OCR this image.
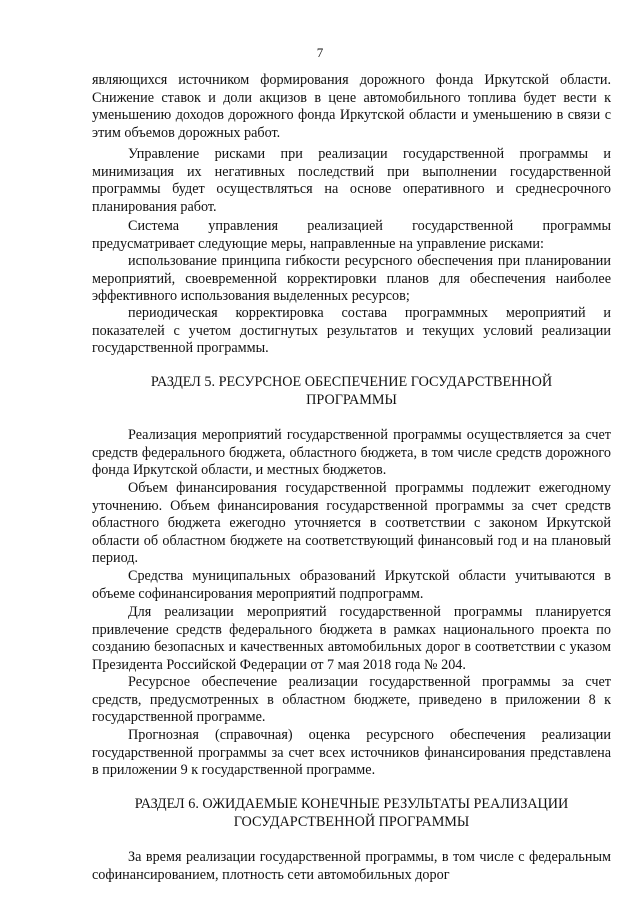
7

являющихся источником формирования дорожного фонда Иркутской области. Снижение ставок и доли акцизов в цене автомобильного топлива будет вести к уменьшению доходов дорожного фонда Иркутской области и уменьшению в связи с этим объемов дорожных работ.

Управление рисками при реализации государственной программы и минимизация их негативных последствий при выполнении государственной программы будет осуществляться на основе оперативного и среднесрочного планирования работ.

Система управления реализацией государственной программы предусматривает следующие меры, направленные на управление рисками:

использование принципа гибкости ресурсного обеспечения при планировании мероприятий, своевременной корректировки планов для обеспечения наиболее эффективного использования выделенных ресурсов;

периодическая корректировка состава программных мероприятий и показателей с учетом достигнутых результатов и текущих условий реализации государственной программы.

РАЗДЕЛ 5. РЕСУРСНОЕ ОБЕСПЕЧЕНИЕ ГОСУДАРСТВЕННОЙ

ПРОГРАММЫ

Реализация мероприятий государственной программы осуществляется за счет средств федерального бюджета, областного бюджета, в том числе средств дорожного фонда Иркутской области, и местных бюджетов.

Объем финансирования государственной программы подлежит ежегодному уточнению. Объем финансирования государственной программы за счет средств областного бюджета ежегодно уточняется в соответствии с законом Иркутской области об областном бюджете на соответствующий финансовый год и на плановый период.

Средства муниципальных образований Иркутской области учитываются в объеме софинансирования мероприятий подпрограмм.

Для реализации мероприятий государственной программы планируется привлечение средств федерального бюджета в рамках национального проекта по созданию безопасных и качественных автомобильных дорог в соответствии с указом Президента Российской Федерации от 7 мая 2018 года № 204.

Ресурсное обеспечение реализации государственной программы за счет средств, предусмотренных в областном бюджете, приведено в приложении 8 к государственной программе.

Прогнозная (справочная) оценка ресурсного обеспечения реализации государственной программы за счет всех источников финансирования представлена в приложении 9 к государственной программе.

РАЗДЕЛ 6. ОЖИДАЕМЫЕ КОНЕЧНЫЕ РЕЗУЛЬТАТЫ РЕАЛИЗАЦИИ

ГОСУДАРСТВЕННОЙ ПРОГРАММЫ

За время реализации государственной программы, в том числе с федеральным софинансированием, плотность сети автомобильных дорог
